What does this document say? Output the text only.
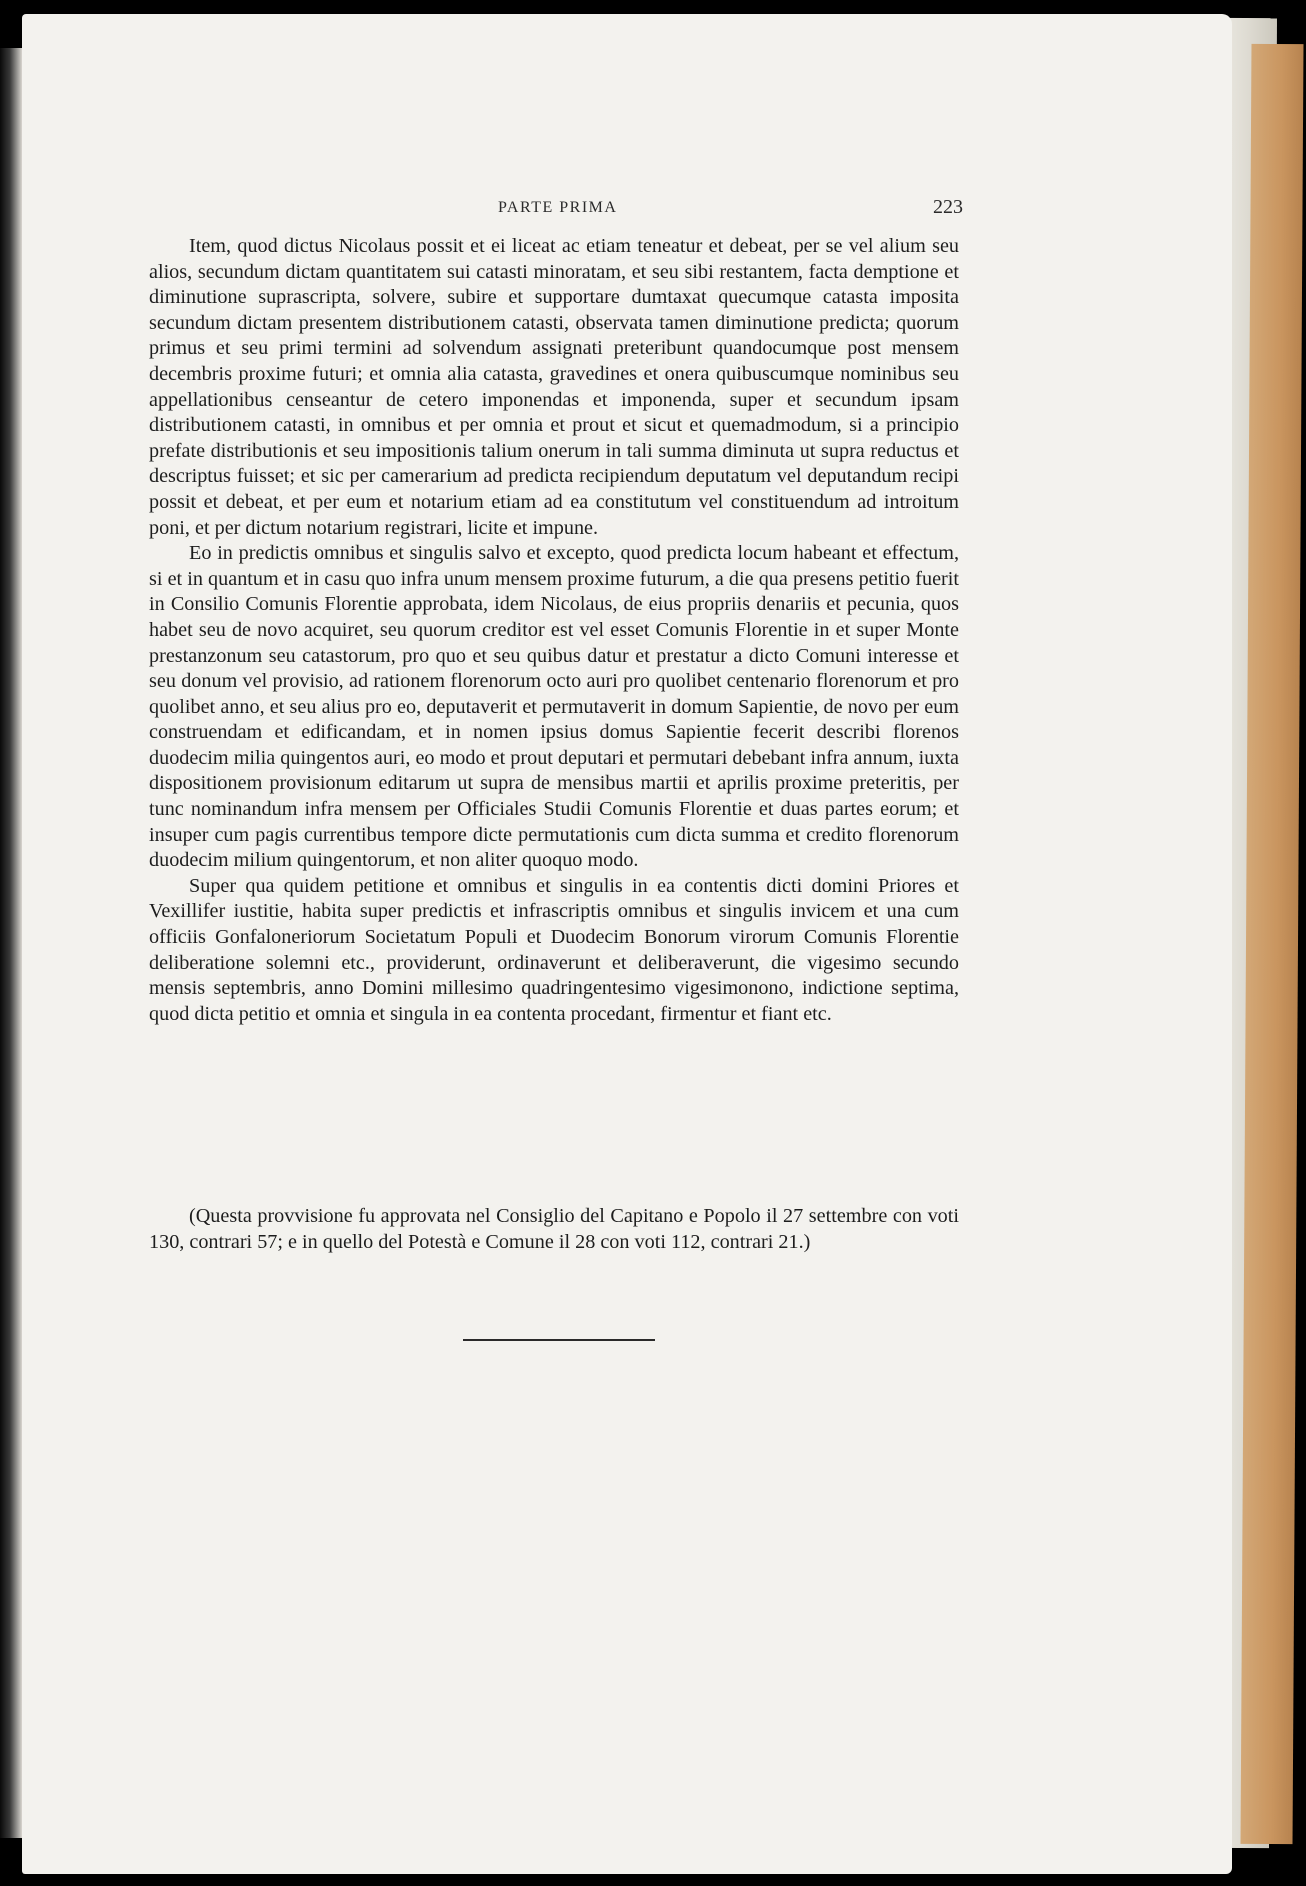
PARTE PRIMA	223

Item, quod dictus Nicolaus possit et ei liceat ac etiam teneatur et debeat, per se vel alium seu alios, secundum dictam quantitatem sui catasti minoratam, et seu sibi restantem, facta demptione et diminutione suprascripta, solvere, subire et supportare dumtaxat quecumque catasta imposita secundum dictam presentem distributionem catasti, observata tamen diminutione predicta; quorum primus et seu primi termini ad solvendum assignati preteribunt quandocumque post mensem decembris proxime futuri; et omnia alia catasta, gravedines et onera quibuscumque nominibus seu appellationibus censeantur de cetero imponendas et imponenda, super et secundum ipsam distributionem catasti, in omnibus et per omnia et prout et sicut et quemadmodum, si a principio prefate distributionis et seu impositionis talium onerum in tali summa diminuta ut supra reductus et descriptus fuisset; et sic per camerarium ad predicta recipiendum deputatum vel deputandum recipi possit et debeat, et per eum et notarium etiam ad ea constitutum vel constituendum ad introitum poni, et per dictum notarium registrari, licite et impune.

Eo in predictis omnibus et singulis salvo et excepto, quod predicta locum habeant et effectum, si et in quantum et in casu quo infra unum mensem proxime futurum, a die qua presens petitio fuerit in Consilio Comunis Florentie approbata, idem Nicolaus, de eius propriis denariis et pecunia, quos habet seu de novo acquiret, seu quorum creditor est vel esset Comunis Florentie in et super Monte prestanzonum seu catastorum, pro quo et seu quibus datur et prestatur a dicto Comuni interesse et seu donum vel provisio, ad rationem florenorum octo auri pro quolibet centenario florenorum et pro quolibet anno, et seu alius pro eo, deputaverit et permutaverit in domum Sapientie, de novo per eum construendam et edificandam, et in nomen ipsius domus Sapientie fecerit describi florenos duodecim milia quingentos auri, eo modo et prout deputari et permutari debebant infra annum, iuxta dispositionem provisionum editarum ut supra de mensibus martii et aprilis proxime preteritis, per tunc nominandum infra mensem per Officiales Studii Comunis Florentie et duas partes eorum; et insuper cum pagis currentibus tempore dicte permutationis cum dicta summa et credito florenorum duodecim milium quingentorum, et non aliter quoquo modo.

Super qua quidem petitione et omnibus et singulis in ea contentis dicti domini Priores et Vexillifer iustitie, habita super predictis et infrascriptis omnibus et singulis invicem et una cum officiis Gonfaloneriorum Societatum Populi et Duodecim Bonorum virorum Comunis Florentie deliberatione solemni etc., providerunt, ordinaverunt et deliberaverunt, die vigesimo secundo mensis septembris, anno Domini millesimo quadringentesimo vigesimonono, indictione septima, quod dicta petitio et omnia et singula in ea contenta procedant, firmentur et fiant etc.

(Questa provvisione fu approvata nel Consiglio del Capitano e Popolo il 27 settembre con voti 130, contrari 57; e in quello del Potestà e Comune il 28 con voti 112, contrari 21.)
